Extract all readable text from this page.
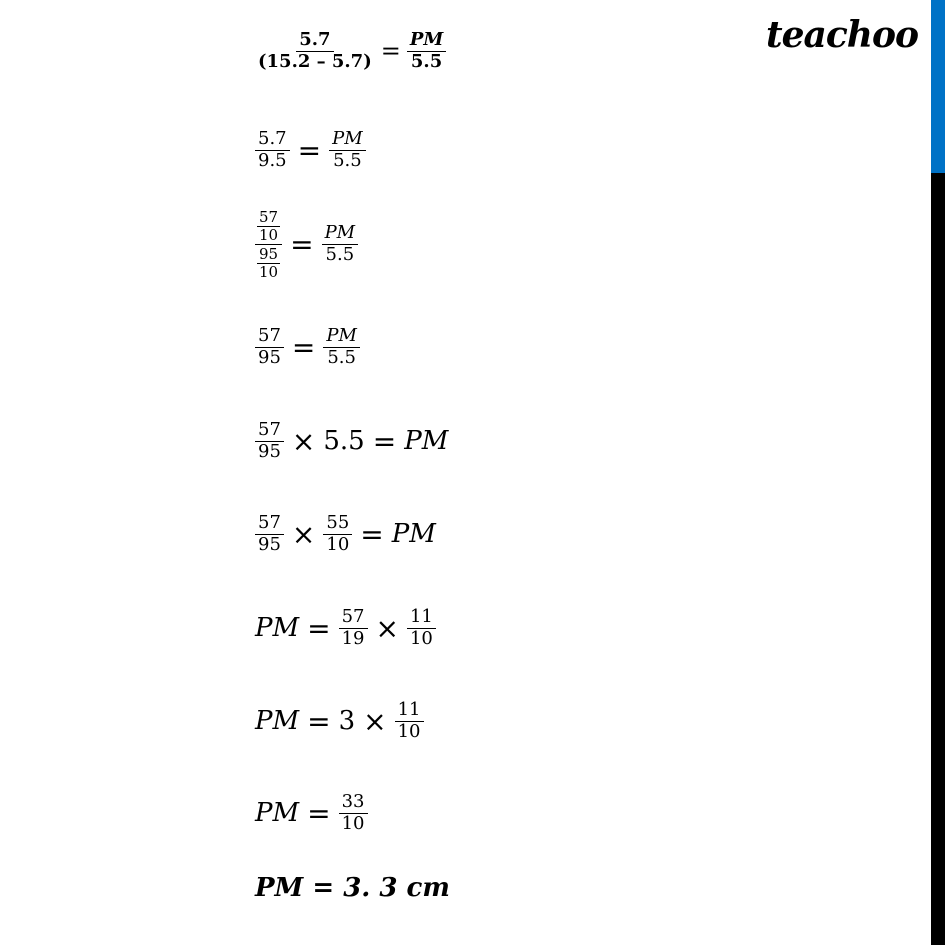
teachoo
$\frac{5.7}{(15.2 - 5.7)} = \frac{PM}{5.5}$
$\frac{5.7}{9.5} = \frac{PM}{5.5}$
$\frac{\frac{57}{10}}{\frac{95}{10}} = \frac{PM}{5.5}$
$\frac{57}{95} = \frac{PM}{5.5}$
$\frac{57}{95} \times 5.5$ = PM
$\frac{57}{95} \times \frac{55}{10}$ = PM
PM = $\frac{57}{19} \times \frac{11}{10}$
PM = $3 \times \frac{11}{10}$
PM = $\frac{33}{10}$
PM = 3. 3 cm
